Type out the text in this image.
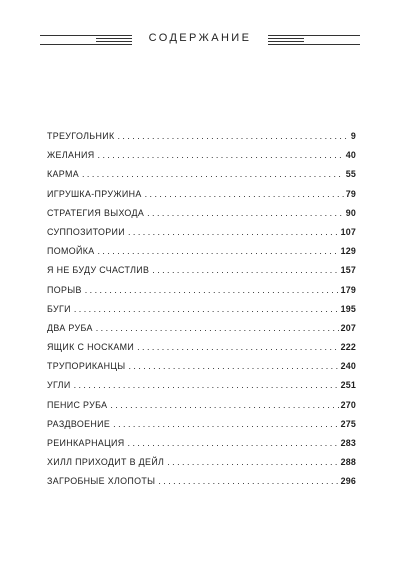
СОДЕРЖАНИЕ
ТРЕУГОЛЬНИК . . .	9
ЖЕЛАНИЯ . . .	40
КАРМА . . .	55
ИГРУШКА-ПРУЖИНА . . .	79
СТРАТЕГИЯ ВЫХОДА . . .	90
СУППОЗИТОРИИ . . .	107
ПОМОЙКА . . .	129
Я НЕ БУДУ СЧАСТЛИВ . . .	157
ПОРЫВ . . .	179
БУГИ . . .	195
ДВА РУБА . . .	207
ЯЩИК С НОСКАМИ . . .	222
ТРУПОРИКАНЦЫ . . .	240
УГЛИ . . .	251
ПЕНИС РУБА . . .	270
РАЗДВОЕНИЕ . . .	275
РЕИНКАРНАЦИЯ . . .	283
ХИЛЛ ПРИХОДИТ В ДЕЙЛ . . .	288
ЗАГРОБНЫЕ ХЛОПОТЫ . . .	296
